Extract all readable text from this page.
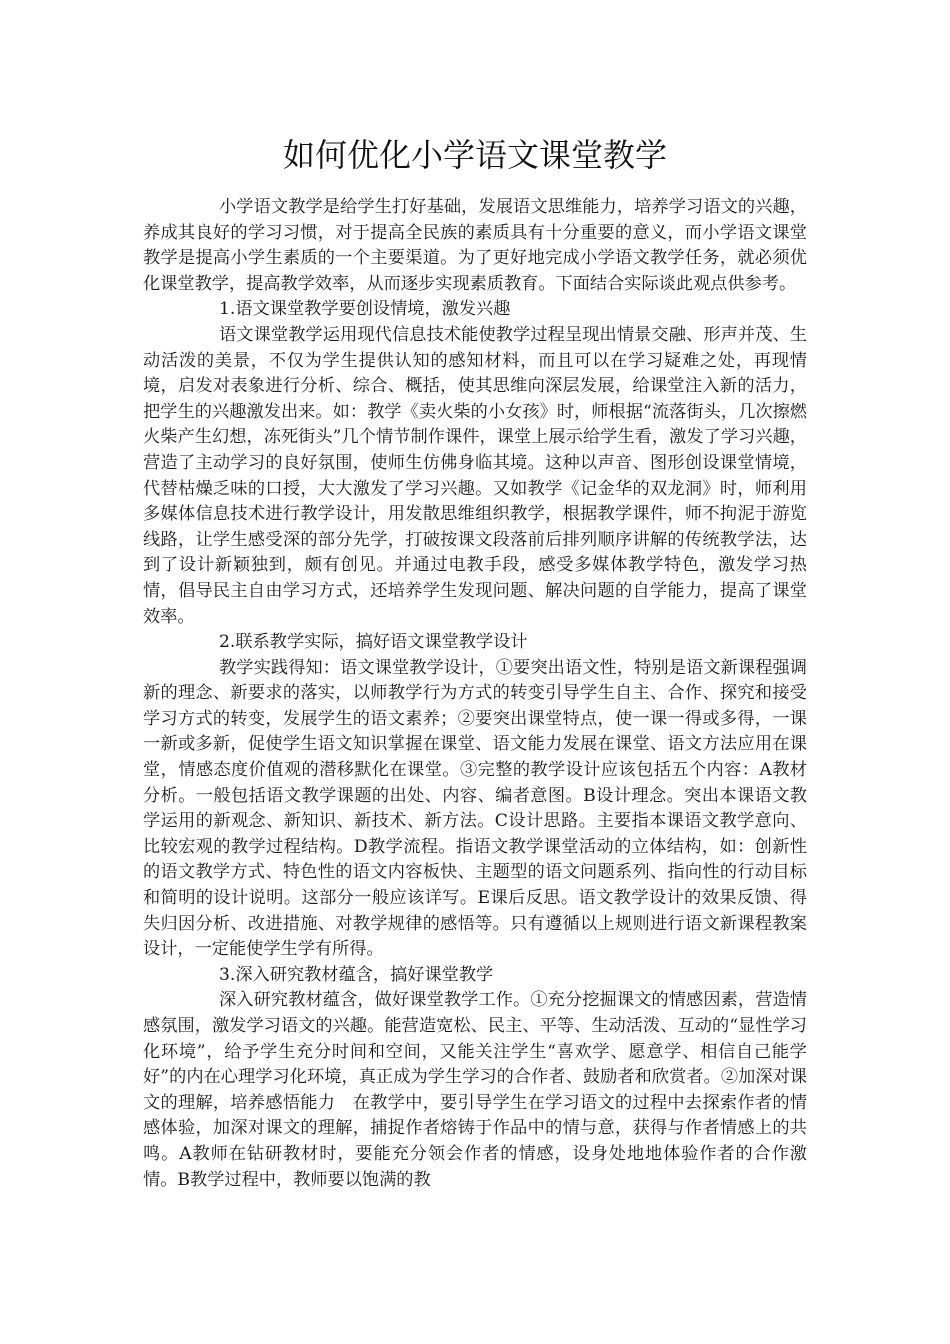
如何优化小学语文课堂教学

小学语文教学是给学生打好基础，发展语文思维能力，培养学习语文的兴趣，养成其良好的学习习惯，对于提高全民族的素质具有十分重要的意义，而小学语文课堂教学是提高小学生素质的一个主要渠道。为了更好地完成小学语文教学任务，就必须优化课堂教学，提高教学效率，从而逐步实现素质教育。下面结合实际谈此观点供参考。

1.语文课堂教学要创设情境，激发兴趣

语文课堂教学运用现代信息技术能使教学过程呈现出情景交融、形声并茂、生动活泼的美景，不仅为学生提供认知的感知材料，而且可以在学习疑难之处，再现情境，启发对表象进行分析、综合、概括，使其思维向深层发展，给课堂注入新的活力，把学生的兴趣激发出来。如：教学《卖火柴的小女孩》时，师根据“流落街头，几次擦燃火柴产生幻想，冻死街头”几个情节制作课件，课堂上展示给学生看，激发了学习兴趣，营造了主动学习的良好氛围，使师生仿佛身临其境。这种以声音、图形创设课堂情境，代替枯燥乏味的口授，大大激发了学习兴趣。又如教学《记金华的双龙洞》时，师利用多媒体信息技术进行教学设计，用发散思维组织教学，根据教学课件，师不拘泥于游览线路，让学生感受深的部分先学，打破按课文段落前后排列顺序讲解的传统教学法，达到了设计新颖独到，颇有创见。并通过电教手段，感受多媒体教学特色，激发学习热情，倡导民主自由学习方式，还培养学生发现问题、解决问题的自学能力，提高了课堂效率。

2.联系教学实际，搞好语文课堂教学设计

教学实践得知：语文课堂教学设计，①要突出语文性，特别是语文新课程强调新的理念、新要求的落实，以师教学行为方式的转变引导学生自主、合作、探究和接受学习方式的转变，发展学生的语文素养；②要突出课堂特点，使一课一得或多得，一课一新或多新，促使学生语文知识掌握在课堂、语文能力发展在课堂、语文方法应用在课堂，情感态度价值观的潜移默化在课堂。③完整的教学设计应该包括五个内容：A教材分析。一般包括语文教学课题的出处、内容、编者意图。B设计理念。突出本课语文教学运用的新观念、新知识、新技术、新方法。C设计思路。主要指本课语文教学意向、比较宏观的教学过程结构。D教学流程。指语文教学课堂活动的立体结构，如：创新性的语文教学方式、特色性的语文内容板快、主题型的语文问题系列、指向性的行动目标和简明的设计说明。这部分一般应该详写。E课后反思。语文教学设计的效果反馈、得失归因分析、改进措施、对教学规律的感悟等。只有遵循以上规则进行语文新课程教案设计，一定能使学生学有所得。

3.深入研究教材蕴含，搞好课堂教学

深入研究教材蕴含，做好课堂教学工作。①充分挖掘课文的情感因素，营造情感氛围，激发学习语文的兴趣。能营造宽松、民主、平等、生动活泼、互动的“显性学习化环境”，给予学生充分时间和空间，又能关注学生“喜欢学、愿意学、相信自己能学好”的内在心理学习化环境，真正成为学生学习的合作者、鼓励者和欣赏者。②加深对课文的理解，培养感悟能力　在教学中，要引导学生在学习语文的过程中去探索作者的情感体验，加深对课文的理解，捕捉作者熔铸于作品中的情与意，获得与作者情感上的共鸣。A教师在钻研教材时，要能充分领会作者的情感，设身处地地体验作者的合作激情。B教学过程中，教师要以饱满的教
